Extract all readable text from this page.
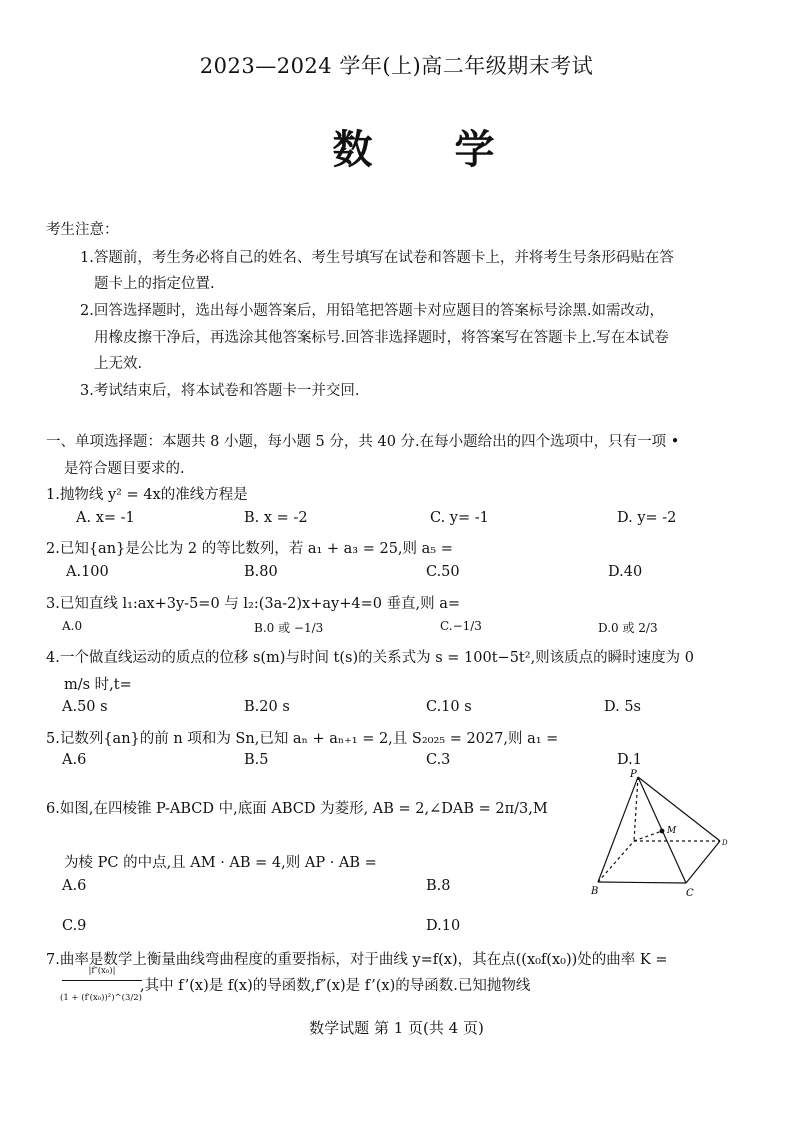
2023—2024 学年(上)高二年级期末考试
数 学
考生注意：
1.答题前，考生务必将自己的姓名、考生号填写在试卷和答题卡上，并将考生号条形码贴在答
题卡上的指定位置.
2.回答选择题时，选出每小题答案后，用铅笔把答题卡对应题目的答案标号涂黑.如需改动，
用橡皮擦干净后，再选涂其他答案标号.回答非选择题时，将答案写在答题卡上.写在本试卷
上无效.
3.考试结束后，将本试卷和答题卡一并交回.
一、单项选择题：本题共 8 小题，每小题 5 分，共 40 分.在每小题给出的四个选项中，只有一项 •
是符合题目要求的.
1.抛物线 y² = 4x的准线方程是
A. x= -1	B. x = -2	C. y= -1	D. y= -2
2.已知{an}是公比为 2 的等比数列，若 a₁ + a₃ = 25,则 a₅ =
A.100	B.80	C.50	D.40
3.已知直线 l₁:ax+3y-5=0 与 l₂:(3a-2)x+ay+4=0 垂直,则 a=
A.0	B.0 或 −1/3	C.−1/3	D.0 或 2/3
4.一个做直线运动的质点的位移 s(m)与时间 t(s)的关系式为 s = 100t−5t²,则该质点的瞬时速度为 0
m/s 时,t=
A.50 s	B.20 s	C.10 s	D. 5s
5.记数列{an}的前 n 项和为 Sn,已知 aₙ + aₙ₊₁ = 2,且 S₂₀₂₅ = 2027,则 a₁ =
A.6	B.5	C.3	D.1
6.如图,在四棱锥 P-ABCD 中,底面 ABCD 为菱形, AB = 2,∠DAB = 2π/3,M
为棱 PC 的中点,且 AM · AB = 4,则 AP · AB =
A.6	B.8
C.9	D.10
P
M
B	C
D
7.曲率是数学上衡量曲线弯曲程度的重要指标，对于曲线 y=f(x)，其在点((x₀f(x₀))处的曲率 K =
|f″(x₀)|
(1 + (f′(x₀))²)^(3/2)
,其中 f’(x)是 f(x)的导函数,f″(x)是 f’(x)的导函数.已知抛物线
数学试题 第 1 页(共 4 页)
